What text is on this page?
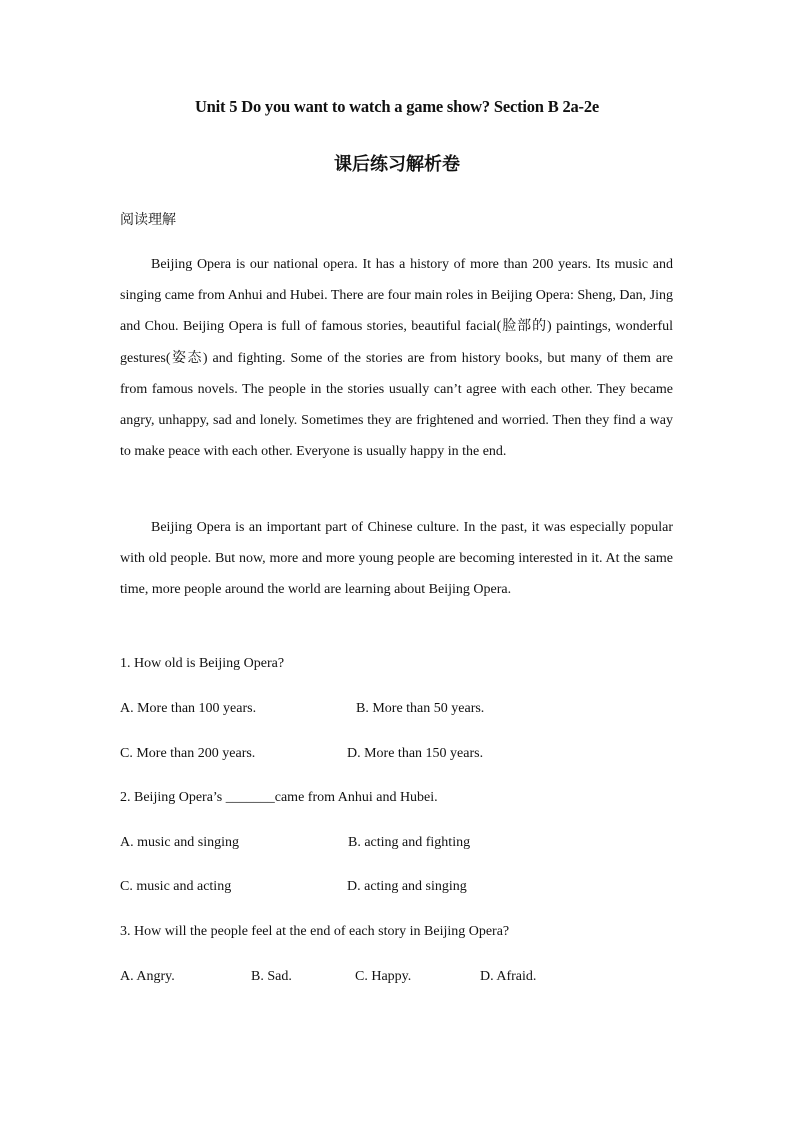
Unit 5 Do you want to watch a game show? Section B 2a-2e
课后练习解析卷
阅读理解

Beijing Opera is our national opera. It has a history of more than 200 years. Its music and singing came from Anhui and Hubei. There are four main roles in Beijing Opera: Sheng, Dan, Jing and Chou. Beijing Opera is full of famous stories, beautiful facial(脸部的) paintings, wonderful gestures(姿态) and fighting. Some of the stories are from history books, but many of them are from famous novels. The people in the stories usually can’t agree with each other. They became angry, unhappy, sad and lonely. Sometimes they are frightened and worried. Then they find a way to make peace with each other. Everyone is usually happy in the end.

Beijing Opera is an important part of Chinese culture. In the past, it was especially popular with old people. But now, more and more young people are becoming interested in it. At the same time, more people around the world are learning about Beijing Opera.

1. How old is Beijing Opera?

A. More than 100 years.	B. More than 50 years.

C. More than 200 years.	D. More than 150 years.

2. Beijing Opera’s _______came from Anhui and Hubei.

A. music and singing	B. acting and fighting

C. music and acting	D. acting and singing

3. How will the people feel at the end of each story in Beijing Opera?

A. Angry.	B. Sad.	C. Happy.	D. Afraid.
